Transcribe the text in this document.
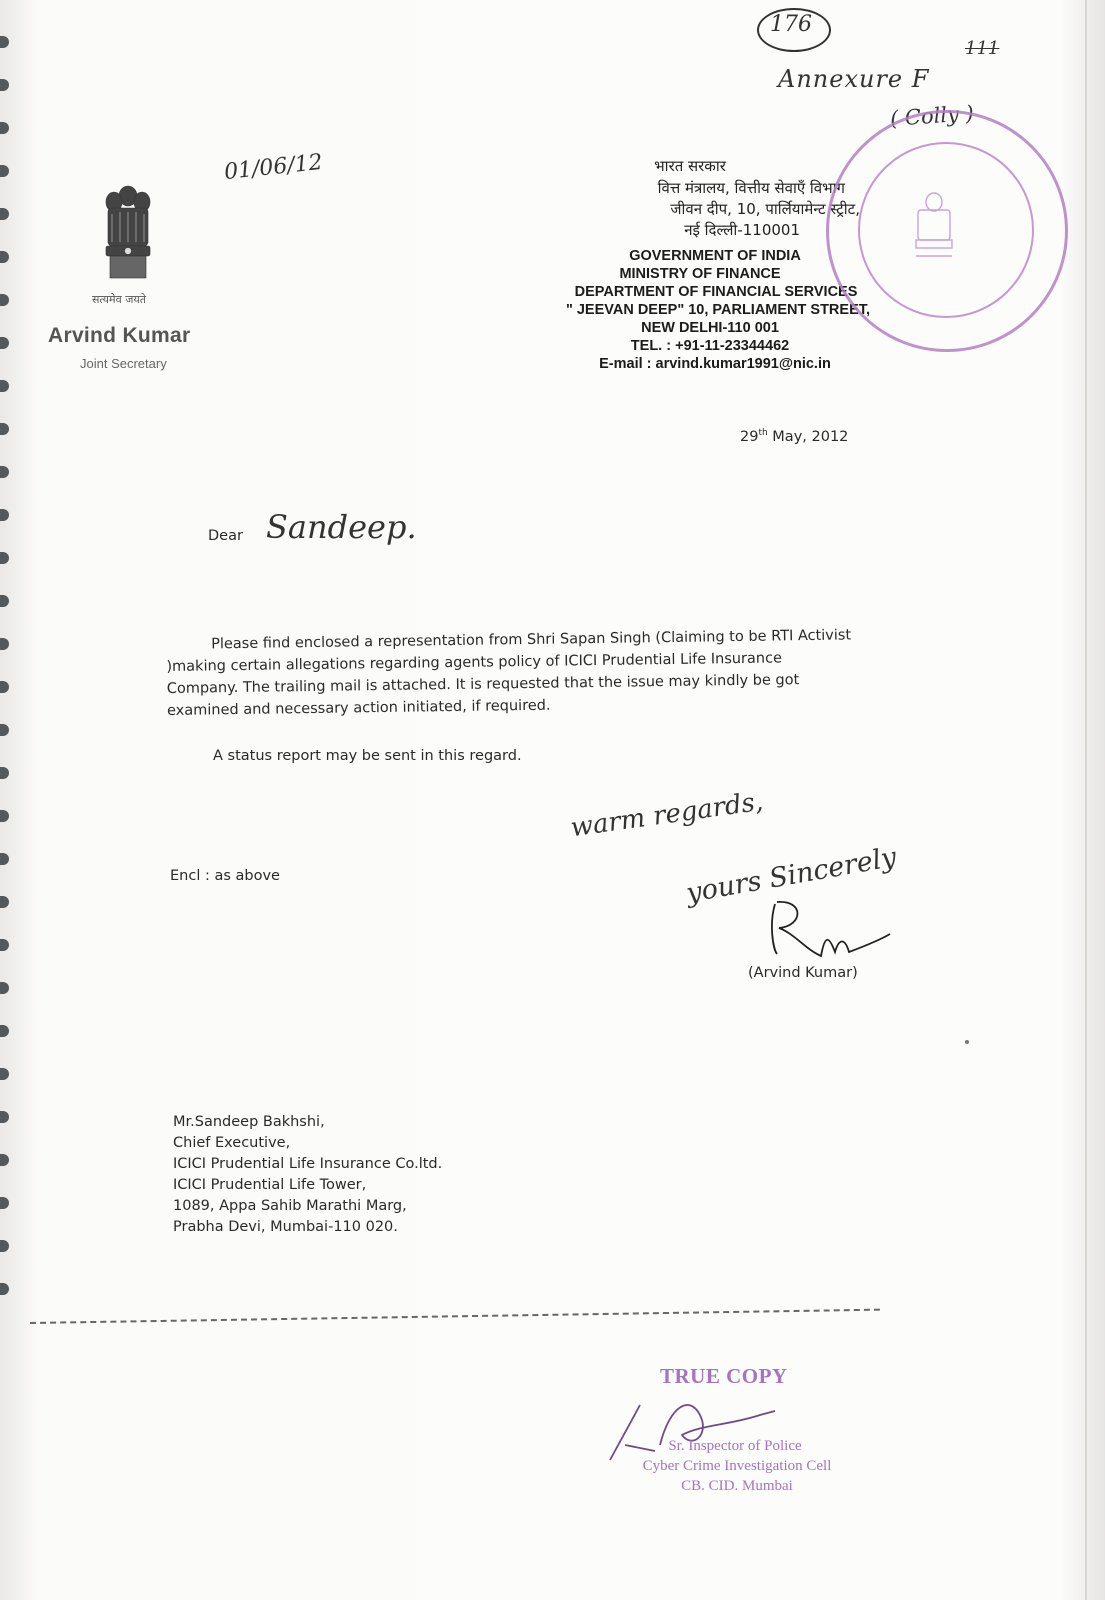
सत्यमेव जयते
Arvind Kumar
Joint Secretary
01/06/12
176
111
Annexure F
( Colly )
भारत सरकार
वित्त मंत्रालय, वित्तीय सेवाएँ विभाग
जीवन दीप, 10, पार्लियामेन्ट स्ट्रीट,
नई दिल्ली-110001
GOVERNMENT OF INDIA
MINISTRY OF FINANCE
DEPARTMENT OF FINANCIAL SERVICES
" JEEVAN DEEP" 10, PARLIAMENT STREET,
NEW DELHI-110 001
TEL. : +91-11-23344462
E-mail : arvind.kumar1991@nic.in
29th May, 2012
Dear Sandeep.
Please find enclosed a representation from Shri Sapan Singh (Claiming to be RTI Activist )making certain allegations regarding agents policy of ICICI Prudential Life Insurance Company. The trailing mail is attached. It is requested that the issue may kindly be got examined and necessary action initiated, if required.
A status report may be sent in this regard.
warm regards,
yours Sincerely
(Arvind Kumar)
Encl : as above
Mr.Sandeep Bakhshi,
Chief Executive,
ICICI Prudential Life Insurance Co.ltd.
ICICI Prudential Life Tower,
1089, Appa Sahib Marathi Marg,
Prabha Devi, Mumbai-110 020.
TRUE COPY
Sr. Inspector of Police
Cyber Crime Investigation Cell
CB. CID. Mumbai
